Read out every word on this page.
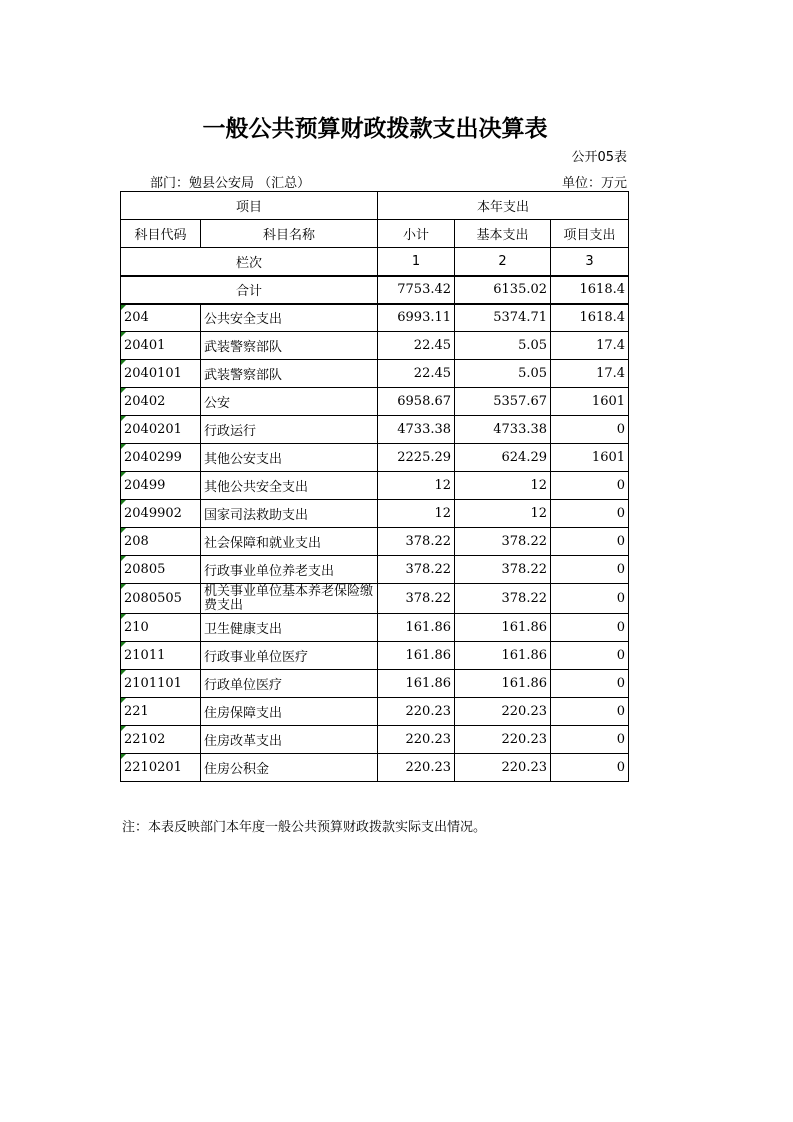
一般公共预算财政拨款支出决算表
公开05表
部门：勉县公安局 （汇总）	单位：万元
项目		本年支出		
科目代码	科目名称	小计	基本支出	项目支出
栏次		1	2	3
合计		7753.42	6135.02	1618.4
204	公共安全支出	6993.11	5374.71	1618.4
20401	武装警察部队	22.45	5.05	17.4
2040101	武装警察部队	22.45	5.05	17.4
20402	公安	6958.67	5357.67	1601
2040201	行政运行	4733.38	4733.38	0
2040299	其他公安支出	2225.29	624.29	1601
20499	其他公共安全支出	12	12	0
2049902	国家司法救助支出	12	12	0
208	社会保障和就业支出	378.22	378.22	0
20805	行政事业单位养老支出	378.22	378.22	0
2080505	机关事业单位基本养老保险缴费支出	378.22	378.22	0
210	卫生健康支出	161.86	161.86	0
21011	行政事业单位医疗	161.86	161.86	0
2101101	行政单位医疗	161.86	161.86	0
221	住房保障支出	220.23	220.23	0
22102	住房改革支出	220.23	220.23	0
2210201	住房公积金	220.23	220.23	0
注：本表反映部门本年度一般公共预算财政拨款实际支出情况。
